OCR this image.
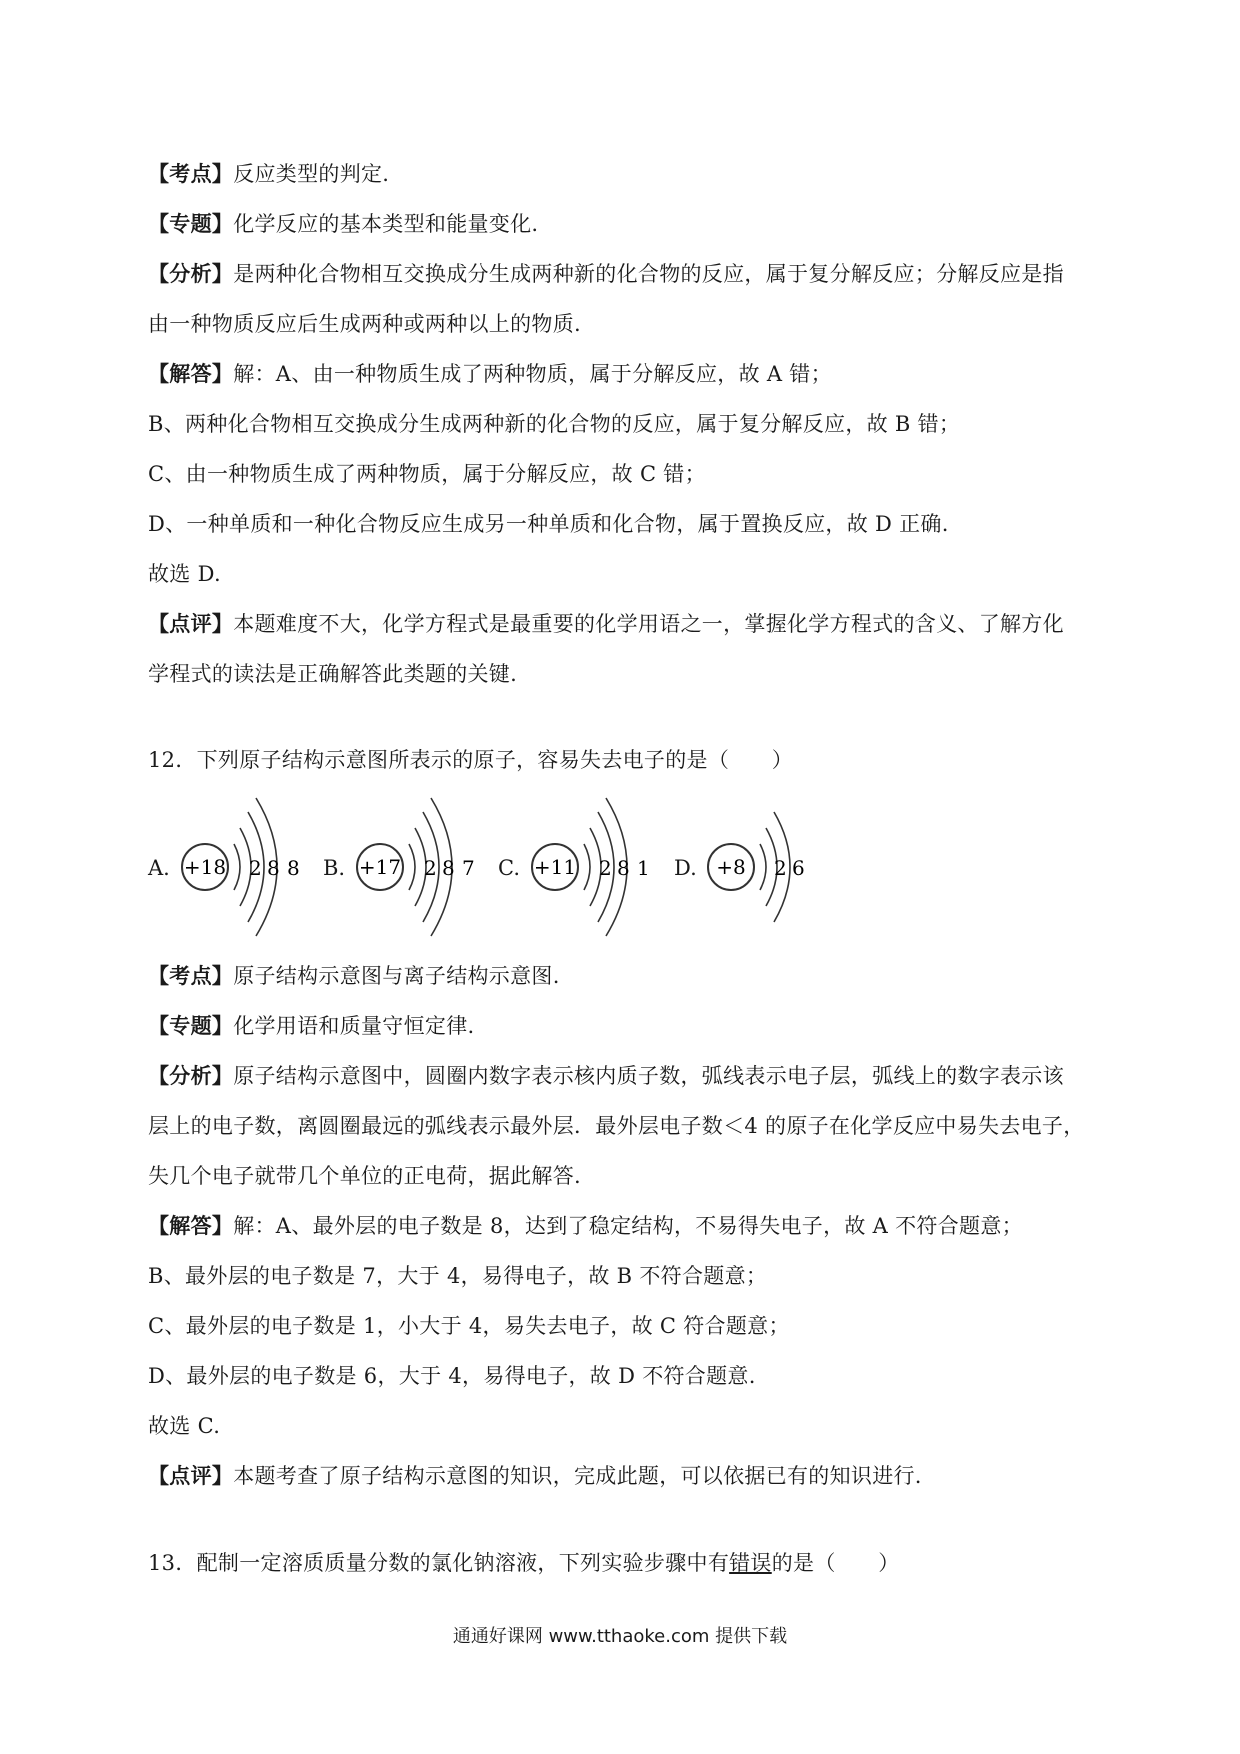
【考点】反应类型的判定.
【专题】化学反应的基本类型和能量变化.
【分析】是两种化合物相互交换成分生成两种新的化合物的反应，属于复分解反应；分解反应是指
由一种物质反应后生成两种或两种以上的物质.
【解答】解：A、由一种物质生成了两种物质，属于分解反应，故 A 错；
B、两种化合物相互交换成分生成两种新的化合物的反应，属于复分解反应，故 B 错；
C、由一种物质生成了两种物质，属于分解反应，故 C 错；
D、一种单质和一种化合物反应生成另一种单质和化合物，属于置换反应，故 D 正确.
故选 D.
【点评】本题难度不大，化学方程式是最重要的化学用语之一，掌握化学方程式的含义、了解方化
学程式的读法是正确解答此类题的关键.
12．下列原子结构示意图所表示的原子，容易失去电子的是（　　）
A. +18 2 8 8 B. +17 2 8 7 C. +11 2 8 1 D. +8 2 6
【考点】原子结构示意图与离子结构示意图.
【专题】化学用语和质量守恒定律.
【分析】原子结构示意图中，圆圈内数字表示核内质子数，弧线表示电子层，弧线上的数字表示该
层上的电子数，离圆圈最远的弧线表示最外层．最外层电子数＜4 的原子在化学反应中易失去电子，
失几个电子就带几个单位的正电荷，据此解答.
【解答】解：A、最外层的电子数是 8，达到了稳定结构，不易得失电子，故 A 不符合题意；
B、最外层的电子数是 7，大于 4，易得电子，故 B 不符合题意；
C、最外层的电子数是 1，小大于 4，易失去电子，故 C 符合题意；
D、最外层的电子数是 6，大于 4，易得电子，故 D 不符合题意.
故选 C.
【点评】本题考查了原子结构示意图的知识，完成此题，可以依据已有的知识进行.
13．配制一定溶质质量分数的氯化钠溶液，下列实验步骤中有错误的是（　　）
通通好课网 www.tthaoke.com 提供下载
